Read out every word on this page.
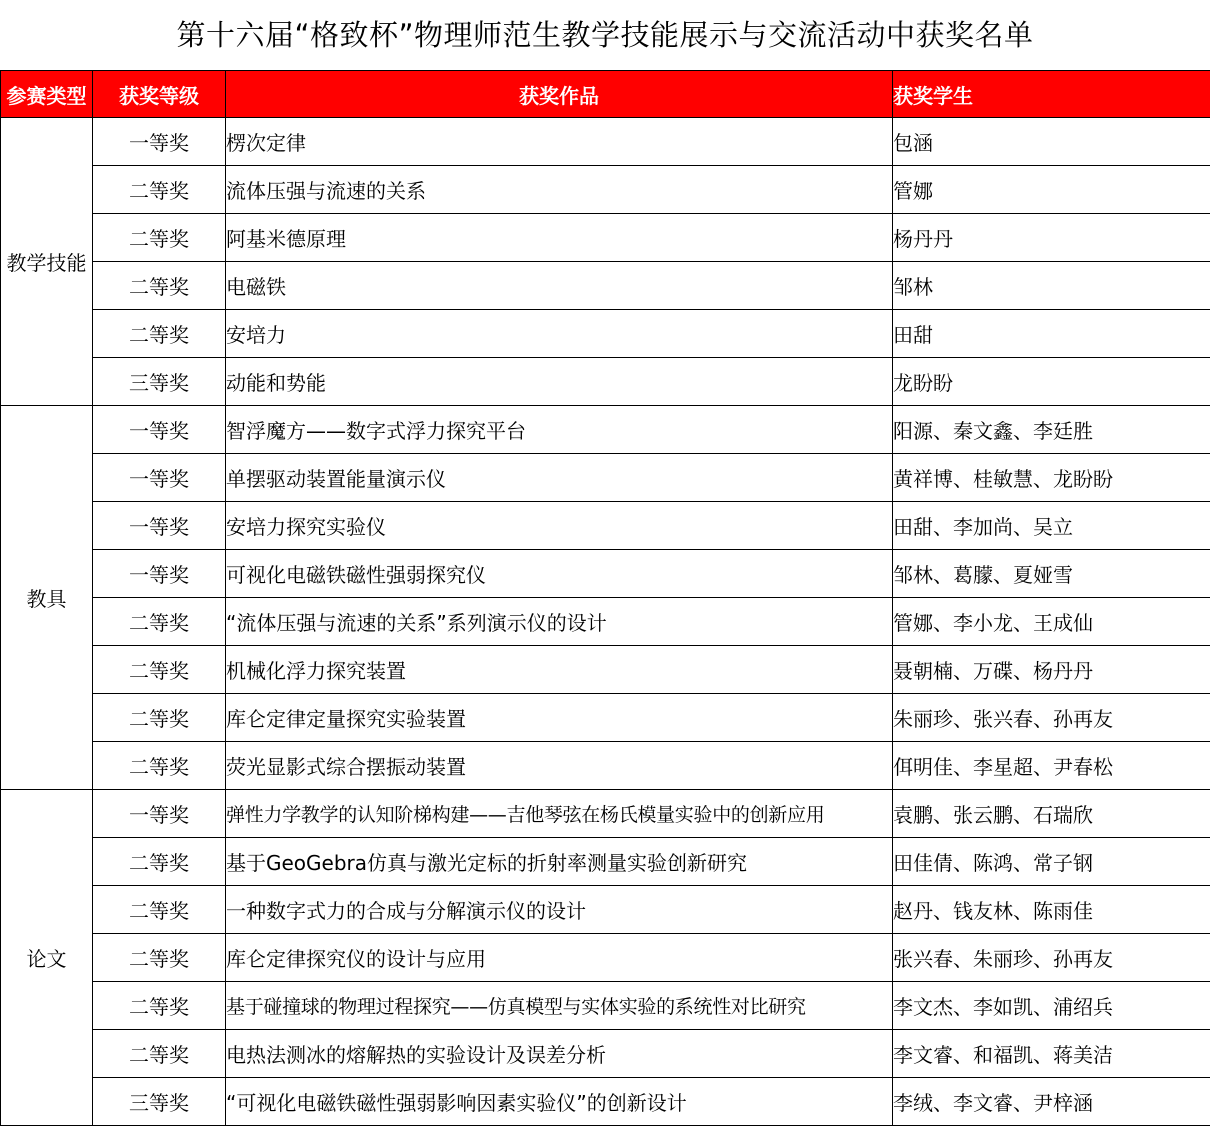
第十六届“格致杯”物理师范生教学技能展示与交流活动中获奖名单
参赛类型	获奖等级	获奖作品	获奖学生
教学技能	一等奖	楞次定律	包涵
	二等奖	流体压强与流速的关系	管娜
	二等奖	阿基米德原理	杨丹丹
	二等奖	电磁铁	邹林
	二等奖	安培力	田甜
	三等奖	动能和势能	龙盼盼
教具	一等奖	智浮魔方——数字式浮力探究平台	阳源、秦文鑫、李廷胜
	一等奖	单摆驱动装置能量演示仪	黄祥博、桂敏慧、龙盼盼
	一等奖	安培力探究实验仪	田甜、李加尚、吴立
	一等奖	可视化电磁铁磁性强弱探究仪	邹林、葛朦、夏娅雪
	二等奖	“流体压强与流速的关系”系列演示仪的设计	管娜、李小龙、王成仙
	二等奖	机械化浮力探究装置	聂朝楠、万碟、杨丹丹
	二等奖	库仑定律定量探究实验装置	朱丽珍、张兴春、孙再友
	二等奖	荧光显影式综合摆振动装置	佴明佳、李星超、尹春松
论文	一等奖	弹性力学教学的认知阶梯构建——吉他琴弦在杨氏模量实验中的创新应用	袁鹏、张云鹏、石瑞欣
	二等奖	基于GeoGebra仿真与激光定标的折射率测量实验创新研究	田佳倩、陈鸿、常子钢
	二等奖	一种数字式力的合成与分解演示仪的设计	赵丹、钱友林、陈雨佳
	二等奖	库仑定律探究仪的设计与应用	张兴春、朱丽珍、孙再友
	二等奖	基于碰撞球的物理过程探究——仿真模型与实体实验的系统性对比研究	李文杰、李如凯、浦绍兵
	二等奖	电热法测冰的熔解热的实验设计及误差分析	李文睿、和福凯、蒋美洁
	三等奖	“可视化电磁铁磁性强弱影响因素实验仪”的创新设计	李绒、李文睿、尹梓涵
